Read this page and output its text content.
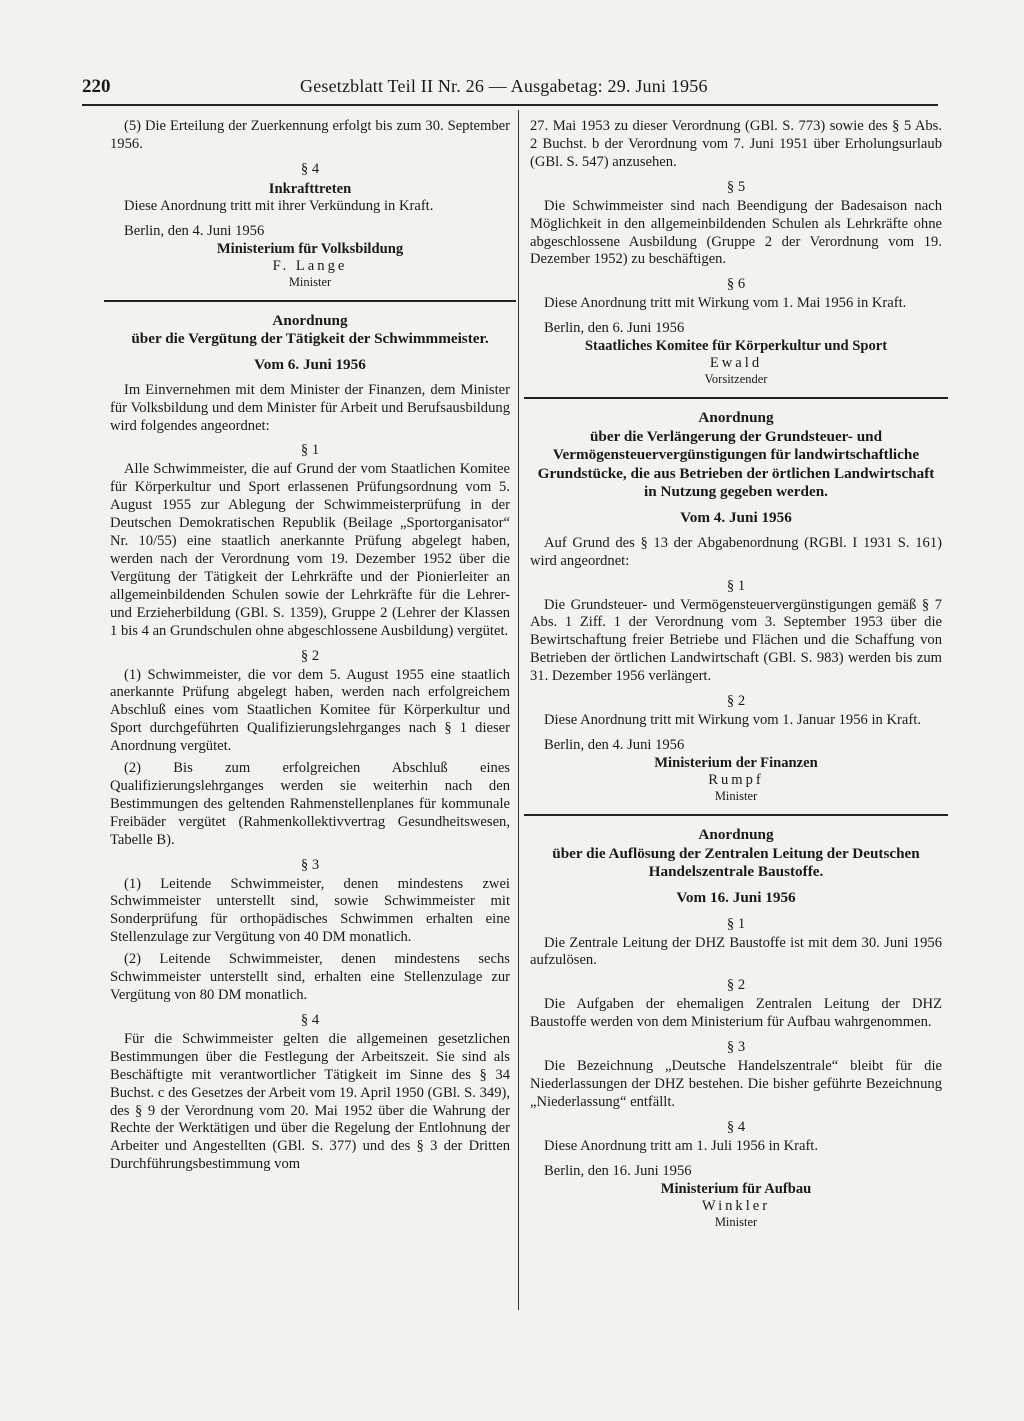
220	Gesetzblatt Teil II Nr. 26 — Ausgabetag: 29. Juni 1956

(5) Die Erteilung der Zuerkennung erfolgt bis zum 30. September 1956.

§ 4
Inkrafttreten

Diese Anordnung tritt mit ihrer Verkündung in Kraft.

Berlin, den 4. Juni 1956
Ministerium für Volksbildung
F. Lange
Minister
Anordnung
über die Vergütung der Tätigkeit der Schwimmmeister.
Vom 6. Juni 1956

Im Einvernehmen mit dem Minister der Finanzen, dem Minister für Volksbildung und dem Minister für Arbeit und Berufsausbildung wird folgendes angeordnet:

§ 1

Alle Schwimmeister, die auf Grund der vom Staatlichen Komitee für Körperkultur und Sport erlassenen Prüfungsordnung vom 5. August 1955 zur Ablegung der Schwimmeisterprüfung in der Deutschen Demokratischen Republik (Beilage „Sportorganisator“ Nr. 10/55) eine staatlich anerkannte Prüfung abgelegt haben, werden nach der Verordnung vom 19. Dezember 1952 über die Vergütung der Tätigkeit der Lehrkräfte und der Pionierleiter an allgemeinbildenden Schulen sowie der Lehrkräfte für die Lehrer- und Erzieherbildung (GBl. S. 1359), Gruppe 2 (Lehrer der Klassen 1 bis 4 an Grundschulen ohne abgeschlossene Ausbildung) vergütet.

§ 2

(1) Schwimmeister, die vor dem 5. August 1955 eine staatlich anerkannte Prüfung abgelegt haben, werden nach erfolgreichem Abschluß eines vom Staatlichen Komitee für Körperkultur und Sport durchgeführten Qualifizierungslehrganges nach § 1 dieser Anordnung vergütet.

(2) Bis zum erfolgreichen Abschluß eines Qualifizierungslehrganges werden sie weiterhin nach den Bestimmungen des geltenden Rahmenstellenplanes für kommunale Freibäder vergütet (Rahmenkollektivvertrag Gesundheitswesen, Tabelle B).

§ 3

(1) Leitende Schwimmeister, denen mindestens zwei Schwimmeister unterstellt sind, sowie Schwimmeister mit Sonderprüfung für orthopädisches Schwimmen erhalten eine Stellenzulage zur Vergütung von 40 DM monatlich.

(2) Leitende Schwimmeister, denen mindestens sechs Schwimmeister unterstellt sind, erhalten eine Stellenzulage zur Vergütung von 80 DM monatlich.

§ 4

Für die Schwimmeister gelten die allgemeinen gesetzlichen Bestimmungen über die Festlegung der Arbeitszeit. Sie sind als Beschäftigte mit verantwortlicher Tätigkeit im Sinne des § 34 Buchst. c des Gesetzes der Arbeit vom 19. April 1950 (GBl. S. 349), des § 9 der Verordnung vom 20. Mai 1952 über die Wahrung der Rechte der Werktätigen und über die Regelung der Entlohnung der Arbeiter und Angestellten (GBl. S. 377) und des § 3 der Dritten Durchführungsbestimmung vom

27. Mai 1953 zu dieser Verordnung (GBl. S. 773) sowie des § 5 Abs. 2 Buchst. b der Verordnung vom 7. Juni 1951 über Erholungsurlaub (GBl. S. 547) anzusehen.

§ 5

Die Schwimmeister sind nach Beendigung der Badesaison nach Möglichkeit in den allgemeinbildenden Schulen als Lehrkräfte ohne abgeschlossene Ausbildung (Gruppe 2 der Verordnung vom 19. Dezember 1952) zu beschäftigen.

§ 6

Diese Anordnung tritt mit Wirkung vom 1. Mai 1956 in Kraft.

Berlin, den 6. Juni 1956
Staatliches Komitee für Körperkultur und Sport
Ewald
Vorsitzender
Anordnung
über die Verlängerung der Grundsteuer- und Vermögensteuervergünstigungen für landwirtschaftliche Grundstücke, die aus Betrieben der örtlichen Landwirtschaft in Nutzung gegeben werden.
Vom 4. Juni 1956

Auf Grund des § 13 der Abgabenordnung (RGBl. I 1931 S. 161) wird angeordnet:

§ 1

Die Grundsteuer- und Vermögensteuervergünstigungen gemäß § 7 Abs. 1 Ziff. 1 der Verordnung vom 3. September 1953 über die Bewirtschaftung freier Betriebe und Flächen und die Schaffung von Betrieben der örtlichen Landwirtschaft (GBl. S. 983) werden bis zum 31. Dezember 1956 verlängert.

§ 2

Diese Anordnung tritt mit Wirkung vom 1. Januar 1956 in Kraft.

Berlin, den 4. Juni 1956
Ministerium der Finanzen
Rumpf
Minister
Anordnung
über die Auflösung der Zentralen Leitung der Deutschen Handelszentrale Baustoffe.
Vom 16. Juni 1956
§ 1

Die Zentrale Leitung der DHZ Baustoffe ist mit dem 30. Juni 1956 aufzulösen.

§ 2

Die Aufgaben der ehemaligen Zentralen Leitung der DHZ Baustoffe werden von dem Ministerium für Aufbau wahrgenommen.

§ 3

Die Bezeichnung „Deutsche Handelszentrale“ bleibt für die Niederlassungen der DHZ bestehen. Die bisher geführte Bezeichnung „Niederlassung“ entfällt.

§ 4

Diese Anordnung tritt am 1. Juli 1956 in Kraft.

Berlin, den 16. Juni 1956
Ministerium für Aufbau
Winkler
Minister
